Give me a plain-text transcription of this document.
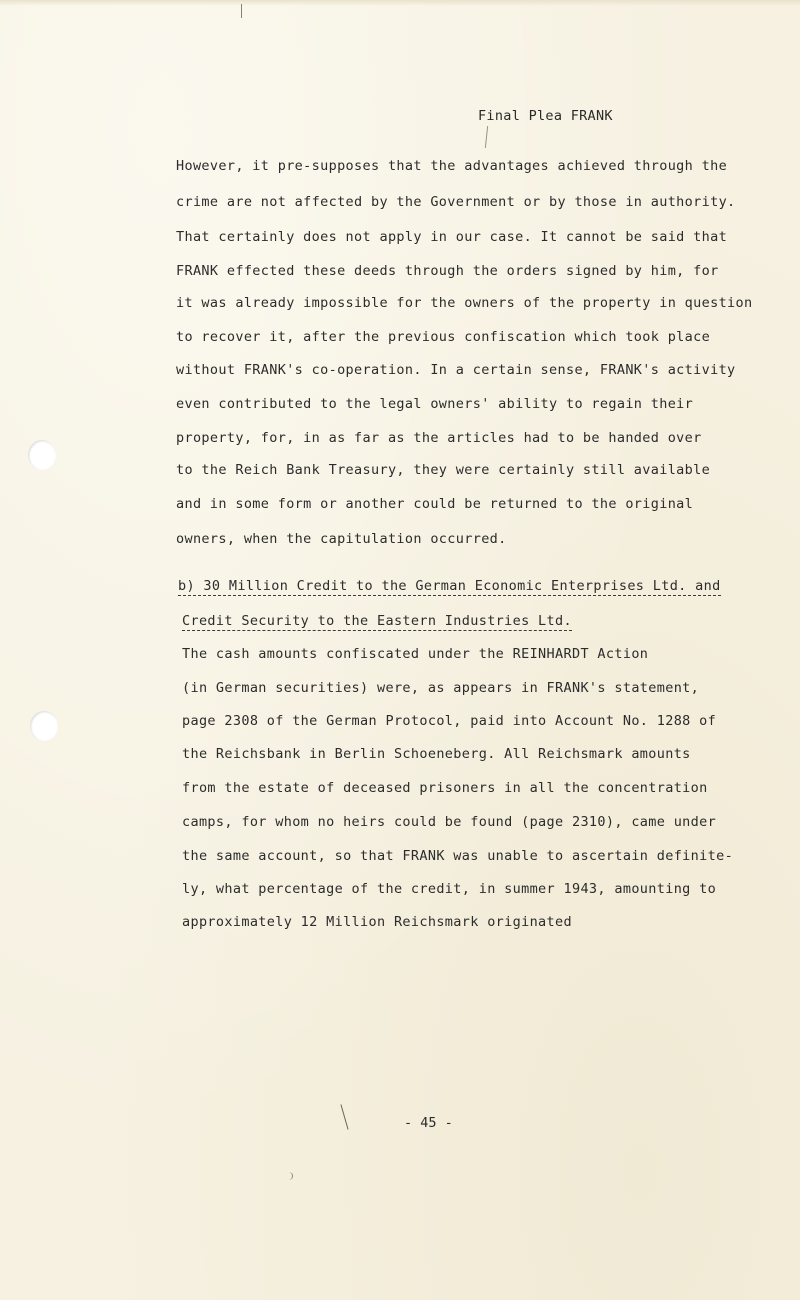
Final Plea FRANK
However, it pre-supposes that the advantages achieved through the
crime are not affected by the Government or by those in authority.
That certainly does not apply in our case. It cannot be said that
FRANK effected these deeds through the orders signed by him, for
it was already impossible for the owners of the property in question
to recover it, after the previous confiscation which took place
without FRANK's co-operation. In a certain sense, FRANK's activity
even contributed to the legal owners' ability to regain their
property, for, in as far as the articles had to be handed over
to the Reich Bank Treasury, they were certainly still available
and in some form or another could be returned to the original
owners, when the capitulation occurred.
b) 30 Million Credit to the German Economic Enterprises Ltd. and
Credit Security to the Eastern Industries Ltd.
The cash amounts confiscated under the REINHARDT Action
(in German securities) were, as appears in FRANK's statement,
page 2308 of the German Protocol, paid into Account No. 1288 of
the Reichsbank in Berlin Schoeneberg. All Reichsmark amounts
from the estate of deceased prisoners in all the concentration
camps, for whom no heirs could be found (page 2310), came under
the same account, so that FRANK was unable to ascertain definite-
ly, what percentage of the credit, in summer 1943, amounting to
approximately 12 Million Reichsmark originated
- 45 -
